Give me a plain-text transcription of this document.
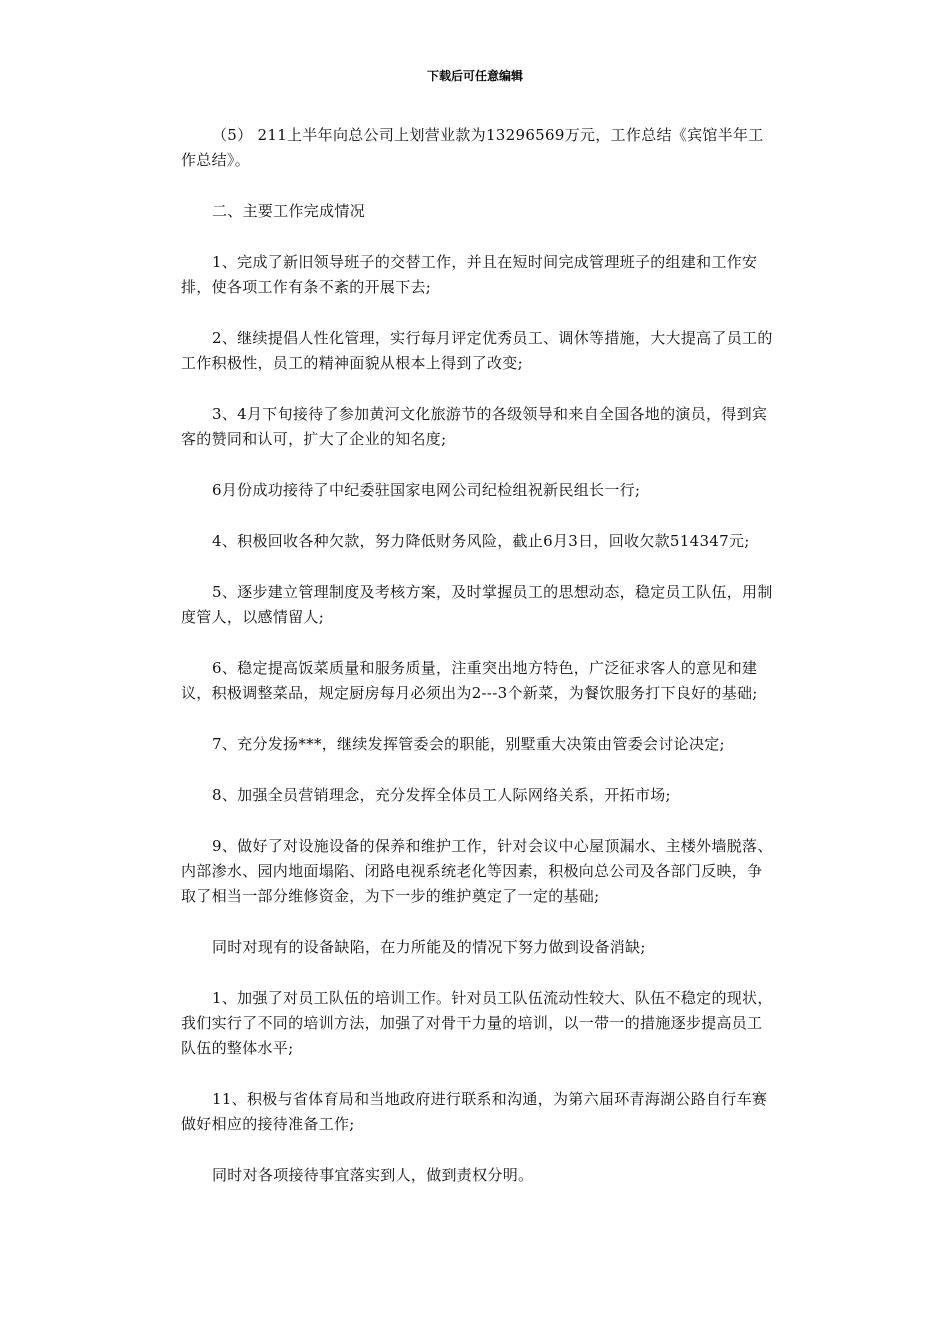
下载后可任意编辑

（5） 211上半年向总公司上划营业款为13296569万元，工作总结《宾馆半年工作总结》。

二、主要工作完成情况

1、完成了新旧领导班子的交替工作，并且在短时间完成管理班子的组建和工作安排，使各项工作有条不紊的开展下去;

2、继续提倡人性化管理，实行每月评定优秀员工、调休等措施，大大提高了员工的工作积极性，员工的精神面貌从根本上得到了改变;

3、4月下旬接待了参加黄河文化旅游节的各级领导和来自全国各地的演员，得到宾客的赞同和认可，扩大了企业的知名度;

6月份成功接待了中纪委驻国家电网公司纪检组祝新民组长一行;

4、积极回收各种欠款，努力降低财务风险，截止6月3日，回收欠款514347元;

5、逐步建立管理制度及考核方案，及时掌握员工的思想动态，稳定员工队伍，用制度管人，以感情留人;

6、稳定提高饭菜质量和服务质量，注重突出地方特色，广泛征求客人的意见和建议，积极调整菜品，规定厨房每月必须出为2---3个新菜，为餐饮服务打下良好的基础;

7、充分发扬***，继续发挥管委会的职能，别墅重大决策由管委会讨论决定;

8、加强全员营销理念，充分发挥全体员工人际网络关系，开拓市场;

9、做好了对设施设备的保养和维护工作，针对会议中心屋顶漏水、主楼外墙脱落、内部渗水、园内地面塌陷、闭路电视系统老化等因素，积极向总公司及各部门反映，争取了相当一部分维修资金，为下一步的维护奠定了一定的基础;

同时对现有的设备缺陷，在力所能及的情况下努力做到设备消缺;

1、加强了对员工队伍的培训工作。针对员工队伍流动性较大、队伍不稳定的现状，我们实行了不同的培训方法，加强了对骨干力量的培训，以一带一的措施逐步提高员工队伍的整体水平;

11、积极与省体育局和当地政府进行联系和沟通，为第六届环青海湖公路自行车赛做好相应的接待准备工作;

同时对各项接待事宜落实到人，做到责权分明。
